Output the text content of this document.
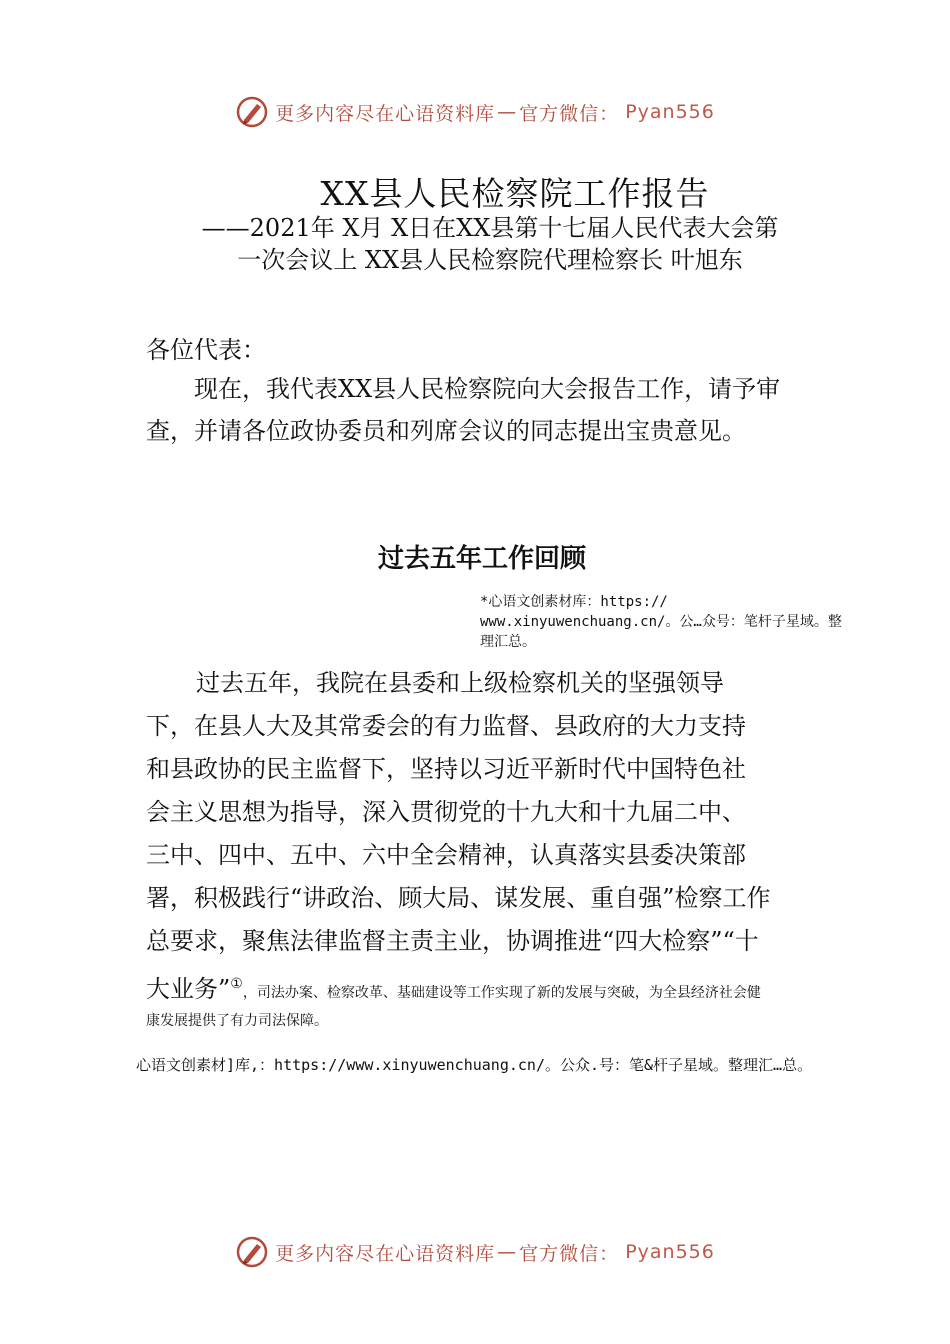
更多内容尽在心语资料库 — 官方微信： Pyan556
XX县人民检察院工作报告
——2021年 X月 X日在XX县第十七届人民代表大会第
一次会议上 XX县人民检察院代理检察长 叶旭东
各位代表：
现在，我代表XX县人民检察院向大会报告工作，请予审查，并请各位政协委员和列席会议的同志提出宝贵意见。
过去五年工作回顾
*心语文创素材库：https:// www.xinyuwenchuang.cn/。公…众号：笔杆子星域。整理汇总。
过去五年，我院在县委和上级检察机关的坚强领导
下，在县人大及其常委会的有力监督、县政府的大力支持
和县政协的民主监督下，坚持以习近平新时代中国特色社
会主义思想为指导，深入贯彻党的十九大和十九届二中、
三中、四中、五中、六中全会精神，认真落实县委决策部
署，积极践行“讲政治、顾大局、谋发展、重自强”检察工作
总要求，聚焦法律监督主责主业，协调推进“四大检察”“十
大业务”①，司法办案、检察改革、基础建设等工作实现了新的发展与突破，为全县经济社会健
康发展提供了有力司法保障。
心语文创素材]库,：https://www.xinyuwenchuang.cn/。公众.号：笔&杆子星域。整理汇…总。
更多内容尽在心语资料库 — 官方微信： Pyan556
